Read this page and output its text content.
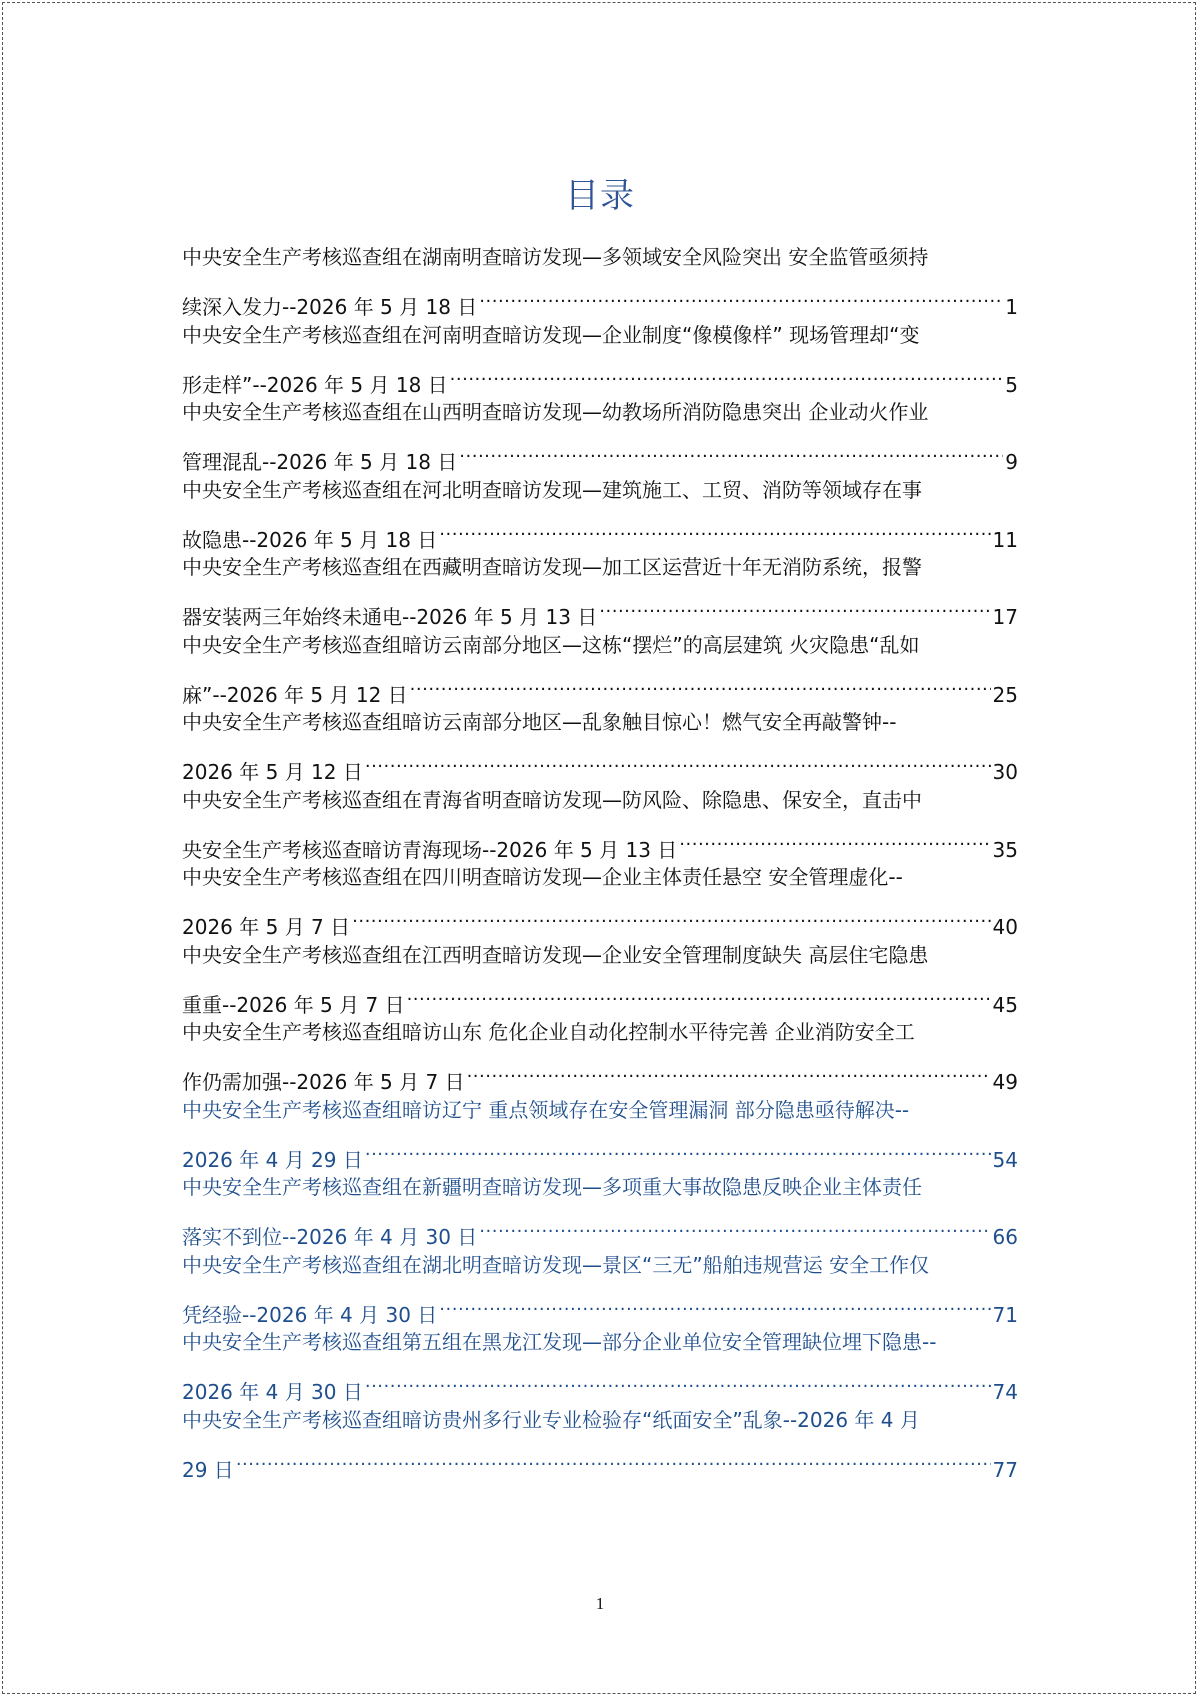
目录
中央安全生产考核巡查组在湖南明查暗访发现—多领域安全风险突出 安全监管亟须持
续深入发力--2026 年 5 月 18 日 .....	1
中央安全生产考核巡查组在河南明查暗访发现—企业制度“像模像样” 现场管理却“变
形走样”--2026 年 5 月 18 日 .....	5
中央安全生产考核巡查组在山西明查暗访发现—幼教场所消防隐患突出 企业动火作业
管理混乱--2026 年 5 月 18 日 .....	9
中央安全生产考核巡查组在河北明查暗访发现—建筑施工、工贸、消防等领域存在事
故隐患--2026 年 5 月 18 日 .....	11
中央安全生产考核巡查组在西藏明查暗访发现—加工区运营近十年无消防系统，报警
器安装两三年始终未通电--2026 年 5 月 13 日 .....	17
中央安全生产考核巡查组暗访云南部分地区—这栋“摆烂”的高层建筑 火灾隐患“乱如
麻”--2026 年 5 月 12 日 .....	25
中央安全生产考核巡查组暗访云南部分地区—乱象触目惊心！燃气安全再敲警钟--
2026 年 5 月 12 日 .....	30
中央安全生产考核巡查组在青海省明查暗访发现—防风险、除隐患、保安全，直击中
央安全生产考核巡查暗访青海现场--2026 年 5 月 13 日 .....	35
中央安全生产考核巡查组在四川明查暗访发现—企业主体责任悬空 安全管理虚化--
2026 年 5 月 7 日 .....	40
中央安全生产考核巡查组在江西明查暗访发现—企业安全管理制度缺失 高层住宅隐患
重重--2026 年 5 月 7 日 .....	45
中央安全生产考核巡查组暗访山东 危化企业自动化控制水平待完善 企业消防安全工
作仍需加强--2026 年 5 月 7 日 .....	49
中央安全生产考核巡查组暗访辽宁 重点领域存在安全管理漏洞 部分隐患亟待解决--
2026 年 4 月 29 日 .....	54
中央安全生产考核巡查组在新疆明查暗访发现—多项重大事故隐患反映企业主体责任
落实不到位--2026 年 4 月 30 日 .....	66
中央安全生产考核巡查组在湖北明查暗访发现—景区“三无”船舶违规营运 安全工作仅
凭经验--2026 年 4 月 30 日 .....	71
中央安全生产考核巡查组第五组在黑龙江发现—部分企业单位安全管理缺位埋下隐患--
2026 年 4 月 30 日 .....	74
中央安全生产考核巡查组暗访贵州多行业专业检验存“纸面安全”乱象--2026 年 4 月
29 日 .....	77
1
